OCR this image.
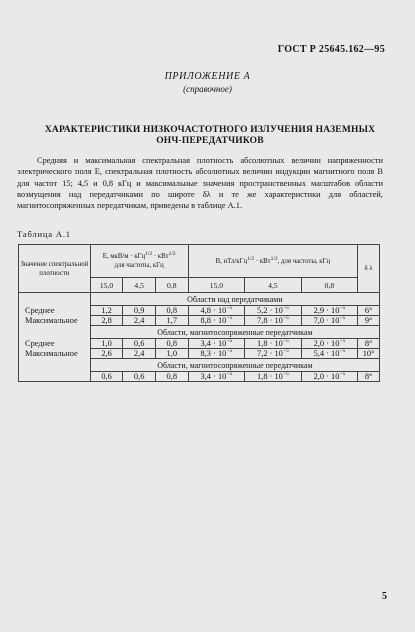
ГОСТ Р 25645.162—95
ПРИЛОЖЕНИЕ А
(справочное)
ХАРАКТЕРИСТИКИ НИЗКОЧАСТОТНОГО ИЗЛУЧЕНИЯ НАЗЕМНЫХ
ОНЧ-ПЕРЕДАТЧИКОВ
Средняя и максимальная спектральная плотность абсолютных величин напряженности электрического поля E, спектральная плотность абсолютных величин индукции магнитного поля B для частот 15; 4,5 и 0,8 кГц и максимальные значения пространственных масштабов области возмущения над передатчиками по широте δλ и те же характеристики для областей, магнитосопряженных передатчикам, приведены в таблице А.1.
Таблица А.1
Значение спектральной плотности	E, мкВ/м · кГц$^{1/2}$ · кВт$^{1/2}$
для частоты, кГц			B, нТл/кГц$^{1/2}$ · кВт$^{1/2}$, для частоты, кГц			δ λ
	15,0	4,5	0,8	15,0	4,5	0,8	
	Области над передатчиками						
Среднее	1,2	0,9	0,8	$4,8 \cdot 10^{-5}$	$5,2 \cdot 10^{-5}$	$2,9 \cdot 10^{-5}$	6°
Максимальное	2,8	2,4	1,7	$8,8 \cdot 10^{-5}$	$7,8 \cdot 10^{-5}$	$7,0 \cdot 10^{-5}$	9°
	Области, магнитосопряженные передатчикам						
Среднее	1,0	0,6	0,8	$3,4 \cdot 10^{-5}$	$1,8 \cdot 10^{-5}$	$2,0 \cdot 10^{-5}$	8°
Максимальное	2,6	2,4	1,0	$8,3 \cdot 10^{-5}$	$7,2 \cdot 10^{-5}$	$5,4 \cdot 10^{-5}$	10°
	Области, магнитосопряженные передатчикам						
	0,6	0,6	0,8	$3,4 \cdot 10^{-5}$	$1,8 \cdot 10^{-5}$	$2,0 \cdot 10^{-5}$	8°
5
